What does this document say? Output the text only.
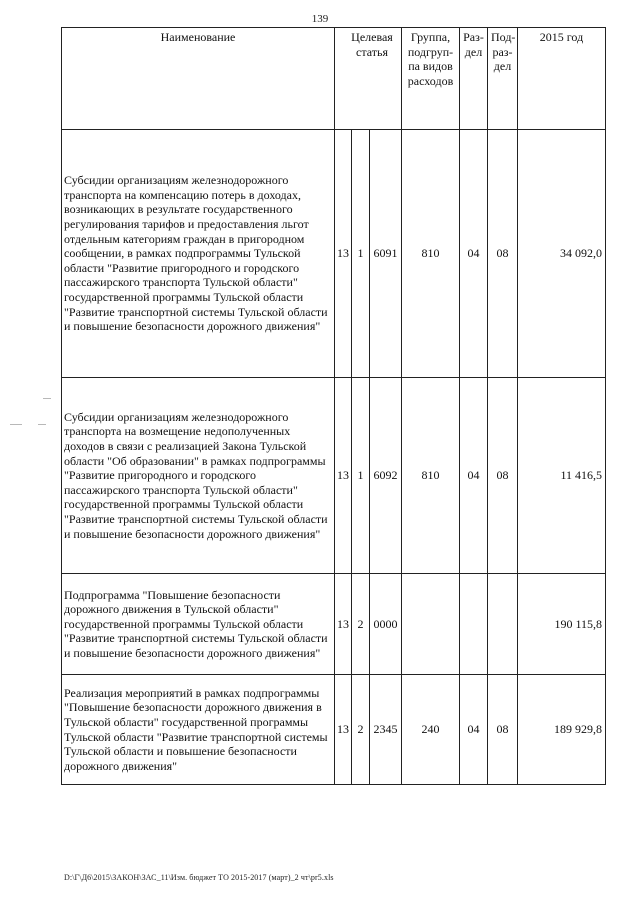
139
Наименование	Целевая статья			Группа, подгруп-па видов расходов	Раз-дел	Под-раз-дел	2015 год
Субсидии организациям железнодорожного транспорта на компенсацию потерь в доходах, возникающих в результате государственного регулирования тарифов и предоставления льгот отдельным категориям граждан в пригородном сообщении, в рамках подпрограммы Тульской области "Развитие пригородного и городского пассажирского транспорта Тульской области" государственной программы Тульской области "Развитие транспортной системы Тульской области и повышение безопасности дорожного движения"	13	1	6091	810	04	08	34 092,0
Субсидии организациям железнодорожного транспорта на возмещение недополученных доходов в связи с реализацией Закона Тульской области "Об образовании" в рамках подпрограммы "Развитие пригородного и городского пассажирского транспорта Тульской области" государственной программы Тульской области "Развитие транспортной системы Тульской области и повышение безопасности дорожного движения"	13	1	6092	810	04	08	11 416,5
Подпрограмма "Повышение безопасности дорожного движения в Тульской области" государственной программы Тульской области "Развитие транспортной системы Тульской области и повышение безопасности дорожного движения"	13	2	0000				190 115,8
Реализация мероприятий в рамках подпрограммы "Повышение безопасности дорожного движения в Тульской области" государственной программы Тульской области "Развитие транспортной системы Тульской области и повышение безопасности дорожного движения"	13	2	2345	240	04	08	189 929,8
D:\Г\Д6\2015\ЗАКОН\ЗАС_11\Изм. бюджет ТО 2015-2017 (март)_2 чт\pr5.xls
